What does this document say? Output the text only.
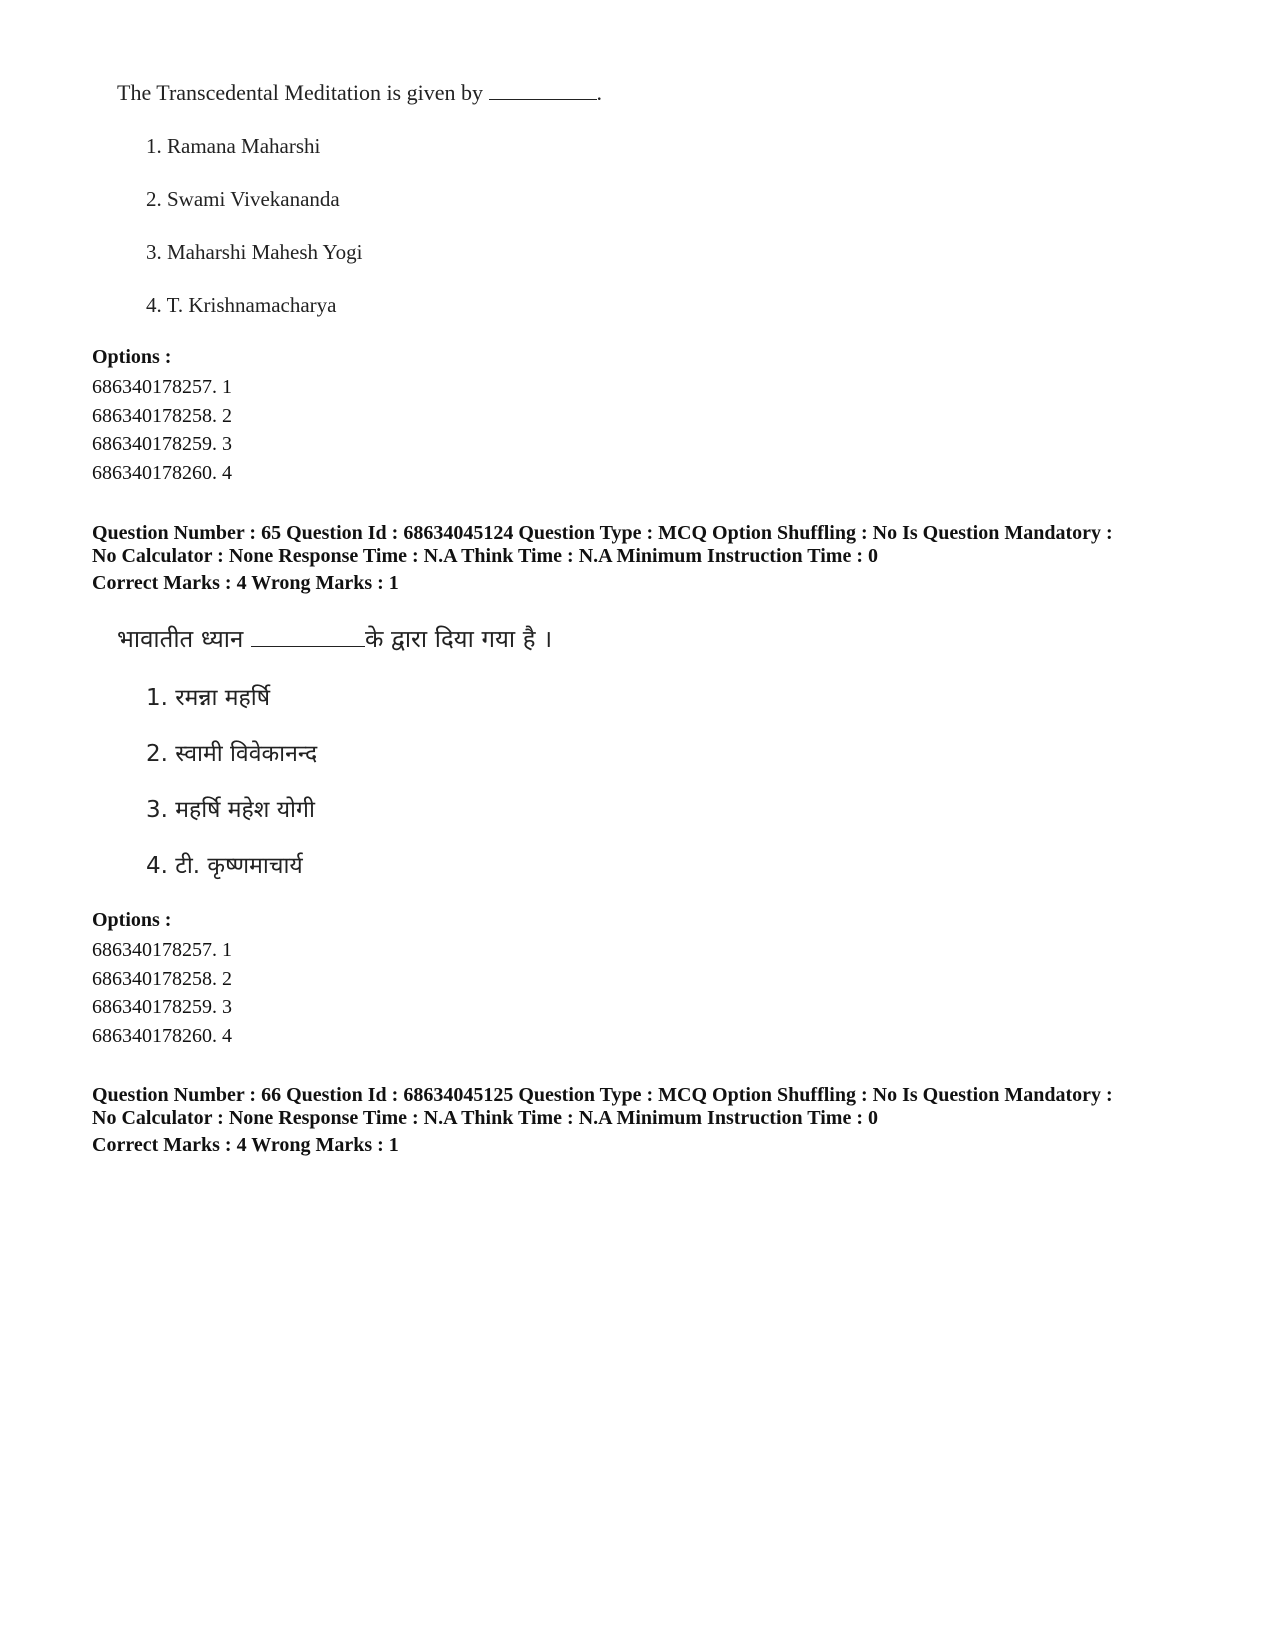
The Transcedental Meditation is given by	.
1. Ramana Maharshi
2. Swami Vivekananda
3. Maharshi Mahesh Yogi
4. T. Krishnamacharya
Options :
686340178257. 1
686340178258. 2
686340178259. 3
686340178260. 4
Question Number : 65 Question Id : 68634045124 Question Type : MCQ Option Shuffling : No Is Question Mandatory :
No Calculator : None Response Time : N.A Think Time : N.A Minimum Instruction Time : 0
Correct Marks : 4 Wrong Marks : 1
भावातीत ध्यान	के द्वारा दिया गया है ।
1. रमन्ना महर्षि
2. स्वामी विवेकानन्द
3. महर्षि महेश योगी
4. टी. कृष्णमाचार्य
Options :
686340178257. 1
686340178258. 2
686340178259. 3
686340178260. 4
Question Number : 66 Question Id : 68634045125 Question Type : MCQ Option Shuffling : No Is Question Mandatory :
No Calculator : None Response Time : N.A Think Time : N.A Minimum Instruction Time : 0
Correct Marks : 4 Wrong Marks : 1
